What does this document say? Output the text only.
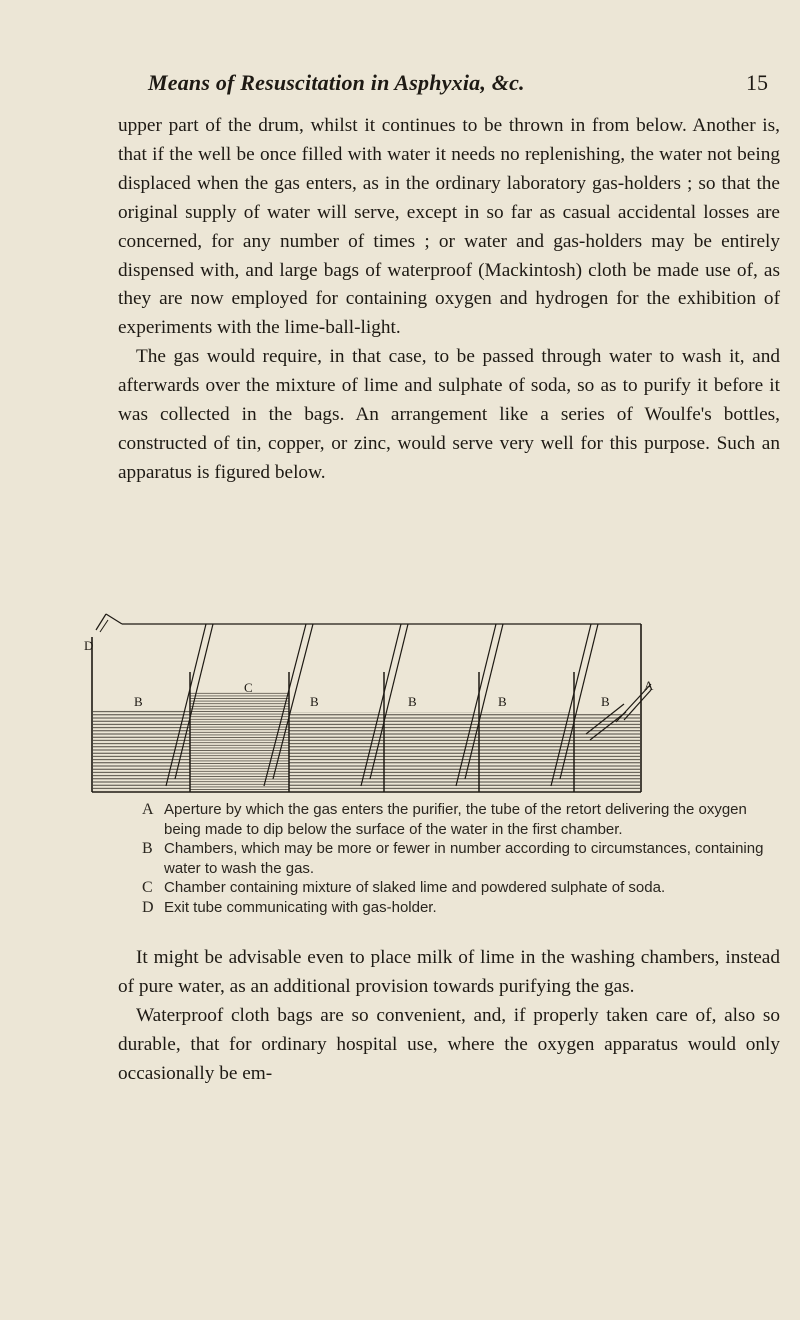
Means of Resuscitation in Asphyxia, &c.	15

upper part of the drum, whilst it continues to be thrown in from below. Another is, that if the well be once filled with water it needs no replenishing, the water not being displaced when the gas enters, as in the ordinary laboratory gas-holders ; so that the original supply of water will serve, except in so far as casual accidental losses are concerned, for any number of times ; or water and gas-holders may be entirely dispensed with, and large bags of waterproof (Mackintosh) cloth be made use of, as they are now employed for containing oxygen and hydrogen for the exhibition of experiments with the lime-ball-light.

The gas would require, in that case, to be passed through water to wash it, and afterwards over the mixture of lime and sulphate of soda, so as to purify it before it was collected in the bags. An arrangement like a series of Woulfe's bottles, constructed of tin, copper, or zinc, would serve very well for this purpose. Such an apparatus is figured below.

D
C
B	B	B	B	B
A
A Aperture by which the gas enters the purifier, the tube of the retort delivering the oxygen being made to dip below the surface of the water in the first chamber.
B Chambers, which may be more or fewer in number according to circumstances, containing water to wash the gas.
C Chamber containing mixture of slaked lime and powdered sulphate of soda.
D Exit tube communicating with gas-holder.

It might be advisable even to place milk of lime in the washing chambers, instead of pure water, as an additional provision towards purifying the gas.

Waterproof cloth bags are so convenient, and, if properly taken care of, also so durable, that for ordinary hospital use, where the oxygen apparatus would only occasionally be em-
